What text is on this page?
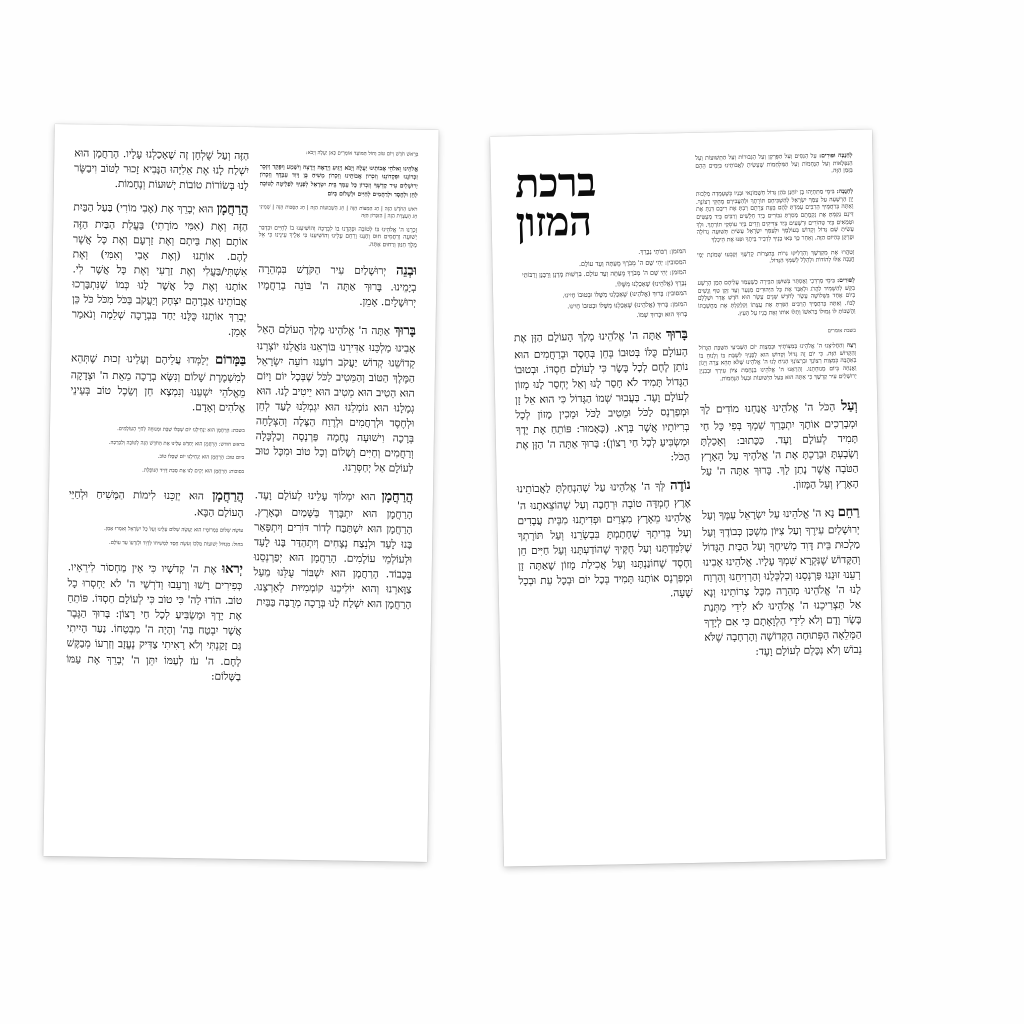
לְחַנֻכָּה וּפוּרִים: עַל הַנִּסִּים וְעַל הַפֻּרְקָן וְעַל הַגְּבוּרוֹת וְעַל הַתְּשׁוּעוֹת וְעַל הַנִּפְלָאוֹת וְעַל הַנֶּחָמוֹת וְעַל הַמִּלְחָמוֹת שֶׁעָשִׂיתָ לַאֲבוֹתֵינוּ בַּיָּמִים הָהֵם בַּזְּמַן הַזֶּה.

לְחַנֻכָּה: בִּימֵי מַתִּתְיָהוּ בֶּן יוֹחָנָן כֹּהֵן גָּדוֹל חַשְׁמוֹנַאי וּבָנָיו כְּשֶׁעָמְדָה מַלְכוּת יָוָן הָרְשָׁעָה עַל עַמְּךָ יִשְׂרָאֵל לְהַשְׁכִּיחָם תּוֹרָתֶךָ וּלְהַעֲבִירָם מֵחֻקֵּי רְצוֹנֶךָ. וְאַתָּה בְּרַחֲמֶיךָ הָרַבִּים עָמַדְתָּ לָהֶם בְּעֵת צָרָתָם רַבְתָּ אֶת רִיבָם דַּנְתָּ אֶת דִּינָם נָקַמְתָּ אֶת נִקְמָתָם מָסַרְתָּ גִבּוֹרִים בְּיַד חַלָּשִׁים וְרַבִּים בְּיַד מְעַטִּים וּטְמֵאִים בְּיַד טְהוֹרִים וּרְשָׁעִים בְּיַד צַדִּיקִים וְזֵדִים בְּיַד עוֹסְקֵי תוֹרָתֶךָ. וּלְךָ עָשִׂיתָ שֵׁם גָּדוֹל וְקָדוֹשׁ בְּעוֹלָמֶךָ וּלְעַמְּךָ יִשְׂרָאֵל עָשִׂיתָ תְּשׁוּעָה גְדוֹלָה וּפֻרְקָן כְּהַיּוֹם הַזֶּה. וְאַחַר כָּךְ בָּאוּ בָנֶיךָ לִדְבִיר בֵּיתֶךָ וּפִנּוּ אֶת הֵיכָלֶךָ

וְטִהֲרוּ אֶת מִקְדָּשֶׁךָ וְהִדְלִיקוּ נֵרוֹת בְּחַצְרוֹת קָדְשֶׁךָ וְקָבְעוּ שְׁמוֹנַת יְמֵי חֲנֻכָּה אֵלּוּ לְהוֹדוֹת וּלְהַלֵּל לְשִׁמְךָ הַגָּדוֹל.

לְפוּרִים: בִּימֵי מָרְדְּכַי וְאֶסְתֵּר בְּשׁוּשַׁן הַבִּירָה כְּשֶׁעָמַד עֲלֵיהֶם הָמָן הָרָשָׁע בִּקֵּשׁ לְהַשְׁמִיד לַהֲרֹג וּלְאַבֵּד אֶת כָּל הַיְּהוּדִים מִנַּעַר וְעַד זָקֵן טַף וְנָשִׁים בְּיוֹם אֶחָד בִּשְׁלוֹשָׁה עָשָׂר לְחֹדֶשׁ שְׁנֵים עָשָׂר הוּא חֹדֶשׁ אֲדָר וּשְׁלָלָם לָבוֹז. וְאַתָּה בְּרַחֲמֶיךָ הָרַבִּים הֵפַרְתָּ אֶת עֲצָתוֹ וְקִלְקַלְתָּ אֶת מַחֲשַׁבְתּוֹ וַהֲשֵׁבוֹתָ לּוֹ גְּמוּלוֹ בְּרֹאשׁוֹ וְתָלוּ אוֹתוֹ וְאֶת בָּנָיו עַל הָעֵץ.

בשבת אומרים

רְצֵה וְהַחֲלִיצֵנוּ ה' אֱלֹהֵינוּ בְּמִצְוֹתֶיךָ וּבְמִצְוַת יוֹם הַשְּׁבִיעִי הַשַּׁבָּת הַגָּדוֹל וְהַקָּדוֹשׁ הַזֶּה. כִּי יוֹם זֶה גָּדוֹל וְקָדוֹשׁ הוּא לְפָנֶיךָ לִשְׁבָּת בּוֹ וְלָנוּחַ בּוֹ בְּאַהֲבָה כְּמִצְוַת רְצוֹנֶךָ וּבִרְצוֹנְךָ הָנִיחַ לָנוּ ה' אֱלֹהֵינוּ שֶׁלֹּא תְהֵא צָרָה וְיָגוֹן וַאֲנָחָה בְּיוֹם מְנוּחָתֵנוּ. וְהַרְאֵנוּ ה' אֱלֹהֵינוּ בְּנֶחָמַת צִיּוֹן עִירֶךָ וּבְבִנְיַן יְרוּשָׁלַיִם עִיר קָדְשֶׁךָ כִּי אַתָּה הוּא בַּעַל הַיְשׁוּעוֹת וּבַעַל הַנֶּחָמוֹת.

וְעַל הַכֹּל ה' אֱלֹהֵינוּ אֲנַחְנוּ מוֹדִים לָךְ וּמְבָרְכִים אוֹתָךְ יִתְבָּרַךְ שִׁמְךָ בְּפִי כָּל חַי תָּמִיד לְעוֹלָם וָעֶד. כַּכָּתוּב: וְאָכַלְתָּ וְשָׂבָעְתָּ וּבֵרַכְתָּ אֶת ה' אֱלֹהֶיךָ עַל הָאָרֶץ הַטֹּבָה אֲשֶׁר נָתַן לָךְ. בָּרוּךְ אַתָּה ה' עַל הָאָרֶץ וְעַל הַמָּזוֹן.

רַחֵם נָא ה' אֱלֹהֵינוּ עַל יִשְׂרָאֵל עַמֶּךָ וְעַל יְרוּשָׁלַיִם עִירֶךָ וְעַל צִיּוֹן מִשְׁכַּן כְּבוֹדֶךָ וְעַל מַלְכוּת בֵּית דָּוִד מְשִׁיחֶךָ וְעַל הַבַּיִת הַגָּדוֹל וְהַקָּדוֹשׁ שֶׁנִּקְרָא שִׁמְךָ עָלָיו. אֱלֹהֵינוּ אָבִינוּ רְעֵנוּ זוּנֵנוּ פַּרְנְסֵנוּ וְכַלְכְּלֵנוּ וְהַרְוִיחֵנוּ וְהַרְוַח לָנוּ ה' אֱלֹהֵינוּ מְהֵרָה מִכָּל צָרוֹתֵינוּ וְנָא אַל תַּצְרִיכֵנוּ ה' אֱלֹהֵינוּ לֹא לִידֵי מַתְּנַת בָּשָׂר וָדָם וְלֹא לִידֵי הַלְוָאָתָם כִּי אִם לְיָדְךָ הַמְּלֵאָה הַפְּתוּחָה הַקְּדוֹשָׁה וְהָרְחָבָה שֶׁלֹּא נֵבוֹשׁ וְלֹא נִכָּלֵם לְעוֹלָם וָעֶד:

ברכת
המזון

המזמן: רַבּוֹתַי נְבָרֵךְ.

המסובין: יְהִי שֵׁם ה' מְבֹרָךְ מֵעַתָּה וְעַד עוֹלָם.

המזמן: יְהִי שֵׁם ה' מְבֹרָךְ מֵעַתָּה וְעַד עוֹלָם. בִּרְשׁוּת מָרָנָן וְרַבָּנָן וְרַבּוֹתַי

נְבָרֵךְ (אֱלֹהֵינוּ) שֶׁאָכַלְנוּ מִשֶּׁלּוֹ.

המסובין: בָּרוּךְ (אֱלֹהֵינוּ) שֶׁאָכַלְנוּ מִשֶּׁלּוֹ וּבְטוּבוֹ חָיִינוּ.

המזמן: בָּרוּךְ (אֱלֹהֵינוּ) שֶׁאָכַלְנוּ מִשֶּׁלּוֹ וּבְטוּבוֹ חָיִינוּ.

בָּרוּךְ הוּא וּבָרוּךְ שְׁמוֹ.

בָּרוּךְ אַתָּה ה' אֱלֹהֵינוּ מֶלֶךְ הָעוֹלָם הַזָּן אֶת הָעוֹלָם כֻּלּוֹ בְּטוּבוֹ בְּחֵן בְּחֶסֶד וּבְרַחֲמִים הוּא נוֹתֵן לֶחֶם לְכָל בָּשָׂר כִּי לְעוֹלָם חַסְדּוֹ. וּבְטוּבוֹ הַגָּדוֹל תָּמִיד לֹא חָסַר לָנוּ וְאַל יֶחְסַר לָנוּ מָזוֹן לְעוֹלָם וָעֶד. בַּעֲבוּר שְׁמוֹ הַגָּדוֹל כִּי הוּא אֵל זָן וּמְפַרְנֵס לַכֹּל וּמֵטִיב לַכֹּל וּמֵכִין מָזוֹן לְכָל בְּרִיּוֹתָיו אֲשֶׁר בָּרָא. (כָּאָמוּר: פּוֹתֵחַ אֶת יָדֶךָ וּמַשְׂבִּיעַ לְכָל חַי רָצוֹן): בָּרוּךְ אַתָּה ה' הַזָּן אֶת הַכֹּל:

נוֹדֶה לְּךָ ה' אֱלֹהֵינוּ עַל שֶׁהִנְחַלְתָּ לַאֲבוֹתֵינוּ אֶרֶץ חֶמְדָּה טוֹבָה וּרְחָבָה וְעַל שֶׁהוֹצֵאתָנוּ ה' אֱלֹהֵינוּ מֵאֶרֶץ מִצְרַיִם וּפְדִיתָנוּ מִבֵּית עֲבָדִים וְעַל בְּרִיתְךָ שֶׁחָתַמְתָּ בִּבְשָׂרֵנוּ וְעַל תּוֹרָתְךָ שֶׁלִּמַּדְתָּנוּ וְעַל חֻקֶּיךָ שֶׁהוֹדַעְתָּנוּ וְעַל חַיִּים חֵן וָחֶסֶד שֶׁחוֹנַנְתָּנוּ וְעַל אֲכִילַת מָזוֹן שָׁאַתָּה זָן וּמְפַרְנֵס אוֹתָנוּ תָּמִיד בְּכָל יוֹם וּבְכָל עֵת וּבְכָל שָׁעָה.

בְּרֵאשׁ חֹדֶשׁ וְיוֹם טוֹב וְחוֹל הַמּוֹעֵד אוֹמְרִים כָּאן יַעֲלֶה וְיָבֹא:

אֱלֹהֵינוּ וֵאלֹהֵי אֲבוֹתֵינוּ יַעֲלֶה וְיָבֹא וְיַגִּיעַ וְיֵרָאֶה וְיֵרָצֶה וְיִשָּׁמַע וְיִפָּקֵד וְיִזָּכֵר זִכְרוֹנֵנוּ וּפִקְדוֹנֵנוּ וְזִכְרוֹן אֲבוֹתֵינוּ וְזִכְרוֹן מָשִׁיחַ בֶּן דָּוִד עַבְדֶּךָ וְזִכְרוֹן יְרוּשָׁלַיִם עִיר קָדְשֶׁךָ וְזִכְרוֹן כָּל עַמְּךָ בֵּית יִשְׂרָאֵל לְפָנֶיךָ לִפְלֵיטָה לְטוֹבָה לְחֵן וּלְחֶסֶד וּלְרַחֲמִים לְחַיִּים וּלְשָׁלוֹם בְּיוֹם

רֹאשׁ הַחֹדֶשׁ הַזֶּה | חַג הַמַּצּוֹת הַזֶּה | חַג הַשָּׁבוּעוֹת הַזֶּה | חַג הַסֻּכּוֹת הַזֶּה | שְׁמִינִי חַג הָעֲצֶרֶת הַזֶּה | הַזִּכָּרוֹן הַזֶּה

זָכְרֵנוּ ה' אֱלֹהֵינוּ בּוֹ לְטוֹבָה וּפָקְדֵנוּ בוֹ לִבְרָכָה וְהוֹשִׁיעֵנוּ בוֹ לְחַיִּים וּבִדְבַר יְשׁוּעָה וְרַחֲמִים חוּס וְחָנֵּנוּ וְרַחֵם עָלֵינוּ וְהוֹשִׁיעֵנוּ כִּי אֵלֶיךָ עֵינֵינוּ כִּי אֵל מֶלֶךְ חַנּוּן וְרַחוּם אָתָּה.

וּבְנֵה יְרוּשָׁלַיִם עִיר הַקֹּדֶשׁ בִּמְהֵרָה בְיָמֵינוּ. בָּרוּךְ אַתָּה ה' בּוֹנֵה בְרַחֲמָיו יְרוּשָׁלָיִם. אָמֵן.

בָּרוּךְ אַתָּה ה' אֱלֹהֵינוּ מֶלֶךְ הָעוֹלָם הָאֵל אָבִינוּ מַלְכֵּנוּ אַדִּירֵנוּ בּוֹרְאֵנוּ גּוֹאֲלֵנוּ יוֹצְרֵנוּ קְדוֹשֵׁנוּ קְדוֹשׁ יַעֲקֹב רוֹעֵנוּ רוֹעֵה יִשְׂרָאֵל הַמֶּלֶךְ הַטּוֹב וְהַמֵּטִיב לַכֹּל שֶׁבְּכָל יוֹם וָיוֹם הוּא הֵטִיב הוּא מֵטִיב הוּא יֵיטִיב לָנוּ. הוּא גְמָלָנוּ הוּא גוֹמְלֵנוּ הוּא יִגְמְלֵנוּ לָעַד לְחֵן וּלְחֶסֶד וּלְרַחֲמִים וּלְרֶוַח הַצָּלָה וְהַצְלָחָה בְּרָכָה וִישׁוּעָה נֶחָמָה פַּרְנָסָה וְכַלְכָּלָה וְרַחֲמִים וְחַיִּים וְשָׁלוֹם וְכָל טוֹב וּמִכָּל טוּב לְעוֹלָם אַל יְחַסְּרֵנוּ.

הֲרַחֲמָן הוּא יִמְלוֹךְ עָלֵינוּ לְעוֹלָם וָעֶד. הָרַחֲמָן הוּא יִתְבָּרַךְ בַּשָּׁמַיִם וּבָאָרֶץ. הָרַחֲמָן הוּא יִשְׁתַּבַּח לְדוֹר דּוֹרִים וְיִתְפָּאַר בָּנוּ לָעַד וּלְנֵצַח נְצָחִים וְיִתְהַדַּר בָּנוּ לָעַד וּלְעוֹלְמֵי עוֹלָמִים. הָרַחֲמָן הוּא יְפַרְנְסֵנוּ בְּכָבוֹד. הָרַחֲמָן הוּא יִשְׁבּוֹר עֻלֵּנוּ מֵעַל צַוָּארֵנוּ וְהוּא יוֹלִיכֵנוּ קוֹמְמִיּוּת לְאַרְצֵנוּ. הָרַחֲמָן הוּא יִשְׁלַח לָנוּ בְּרָכָה מְרֻבָּה בַּבַּיִת

הַזֶּה וְעַל שֻׁלְחָן זֶה שֶׁאָכַלְנוּ עָלָיו. הָרַחֲמָן הוּא יִשְׁלַח לָנוּ אֶת אֵלִיָּהוּ הַנָּבִיא זָכוּר לַטּוֹב וִיבַשֶּׂר לָנוּ בְּשׂוֹרוֹת טוֹבוֹת יְשׁוּעוֹת וְנֶחָמוֹת.

הֲרַחֲמָן הוּא יְבָרֵךְ אֶת (אָבִי מוֹרִי) בַּעַל הַבַּיִת הַזֶּה וְאֶת (אִמִּי מוֹרָתִי) בַּעֲלַת הַבַּיִת הַזֶּה אוֹתָם וְאֶת בֵּיתָם וְאֶת זַרְעָם וְאֶת כָּל אֲשֶׁר לָהֶם. אוֹתָנוּ (וְאֶת אָבִי וְאִמִּי) וְאֶת אִשְׁתִּי/בַּעֲלִי וְאֶת זַרְעִי וְאֶת כָּל אֲשֶׁר לִי. אוֹתָנוּ וְאֶת כָּל אֲשֶׁר לָנוּ כְּמוֹ שֶׁנִּתְבָּרְכוּ אֲבוֹתֵינוּ אַבְרָהָם יִצְחָק וְיַעֲקֹב בַּכֹּל מִכֹּל כֹּל כֵּן יְבָרֵךְ אוֹתָנוּ כֻּלָּנוּ יַחַד בִּבְרָכָה שְׁלֵמָה וְנֹאמַר אָמֵן.

בַּמָּרוֹם יְלַמְּדוּ עֲלֵיהֶם וְעָלֵינוּ זְכוּת שֶׁתְּהֵא לְמִשְׁמֶרֶת שָׁלוֹם וְנִשָּׂא בְרָכָה מֵאֵת ה' וּצְדָקָה מֵאֱלֹהֵי יִשְׁעֵנוּ וְנִמְצָא חֵן וְשֵׂכֶל טוֹב בְּעֵינֵי אֱלֹהִים וְאָדָם.

בשבת: הָרַחֲמָן הוּא יַנְחִילֵנוּ יוֹם שֶׁכֻּלּוֹ שַׁבָּת וּמְנוּחָה לְחַיֵּי הָעוֹלָמִים.

בראש חודש: הָרַחֲמָן הוּא יְחַדֵּשׁ עָלֵינוּ אֶת הַחֹדֶשׁ הַזֶּה לְטוֹבָה וְלִבְרָכָה.

ביום טוב: הָרַחֲמָן הוּא יַנְחִילֵנוּ יוֹם שֶׁכֻּלּוֹ טוֹב.

בסוכות: הָרַחֲמָן הוּא יָקִים לָנוּ אֶת סֻכַּת דָּוִיד הַנּוֹפָלֶת.

הֲרַחֲמָן הוּא יְזַכֵּנוּ לִימוֹת הַמָּשִׁיחַ וּלְחַיֵּי הָעוֹלָם הַבָּא.

עוֹשֶׂה שָׁלוֹם בִּמְרוֹמָיו הוּא יַעֲשֶׂה שָׁלוֹם עָלֵינוּ וְעַל כָּל יִשְׂרָאֵל וְאִמְרוּ אָמֵן.

בחול: מִגְדּוֹל יְשׁוּעוֹת מַלְכּוֹ וְעֹשֶׂה חֶסֶד לִמְשִׁיחוֹ לְדָוִד וּלְזַרְעוֹ עַד עוֹלָם.

יְראוּ אֶת ה' קְדֹשָׁיו כִּי אֵין מַחְסוֹר לִירֵאָיו. כְּפִירִים רָשׁוּ וְרָעֵבוּ וְדֹרְשֵׁי ה' לֹא יַחְסְרוּ כָל טוֹב. הוֹדוּ לַה' כִּי טוֹב כִּי לְעוֹלָם חַסְדּוֹ. פּוֹתֵחַ אֶת יָדֶךָ וּמַשְׂבִּיעַ לְכָל חַי רָצוֹן: בָּרוּךְ הַגֶּבֶר אֲשֶׁר יִבְטַח בַּה' וְהָיָה ה' מִבְטַחוֹ. נַעַר הָיִיתִי גַּם זָקַנְתִּי וְלֹא רָאִיתִי צַדִּיק נֶעֱזָב וְזַרְעוֹ מְבַקֶּשׁ לָחֶם. ה' עֹז לְעַמּוֹ יִתֵּן ה' יְבָרֵךְ אֶת עַמּוֹ בַשָּׁלוֹם:
